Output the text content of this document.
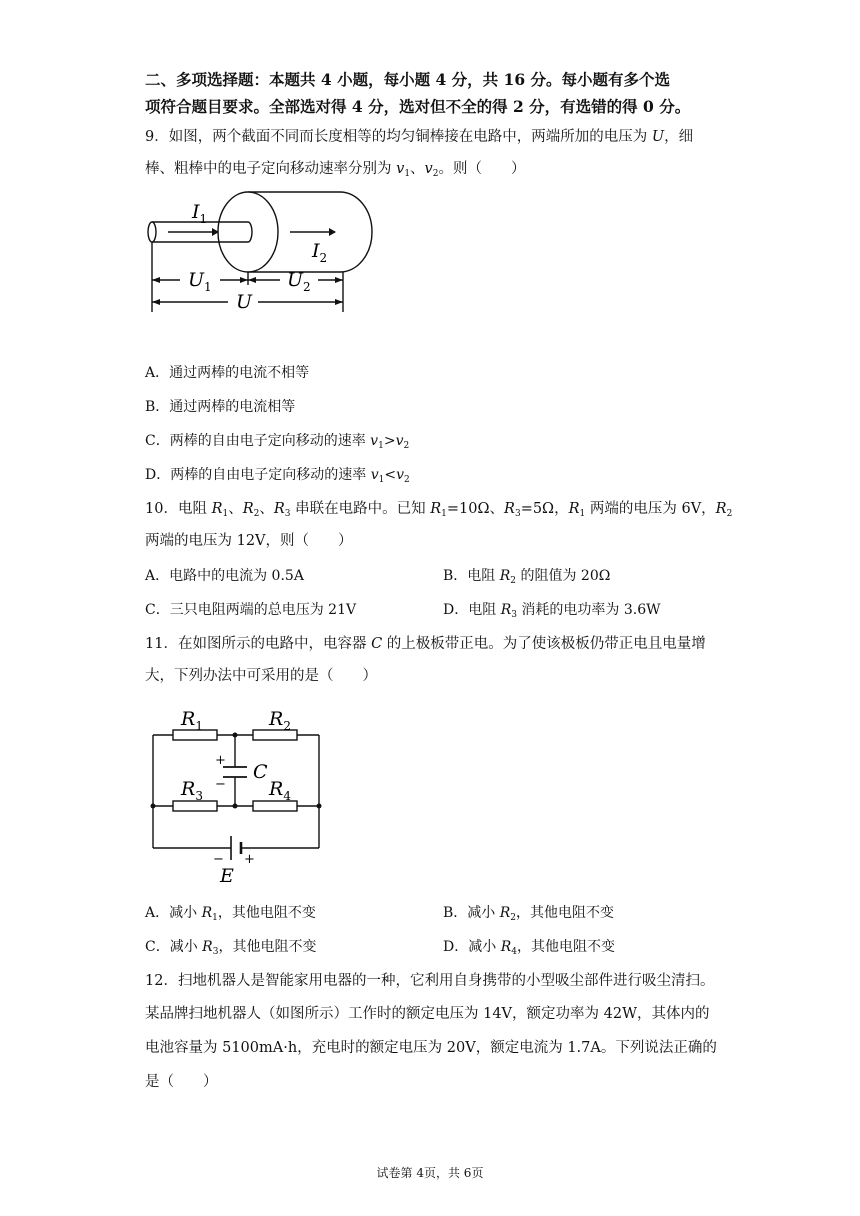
二、多项选择题：本题共 4 小题，每小题 4 分，共 16 分。每小题有多个选
项符合题目要求。全部选对得 4 分，选对但不全的得 2 分，有选错的得 0 分。
9．如图，两个截面不同而长度相等的均匀铜棒接在电路中，两端所加的电压为 U，细
棒、粗棒中的电子定向移动速率分别为 $v_1$、$v_2$。则（　　）
$I_1$
$I_2$
$U_1$	$U_2$
U
A．通过两棒的电流不相等
B．通过两棒的电流相等
C．两棒的自由电子定向移动的速率 $v_1>v_2$
D．两棒的自由电子定向移动的速率 $v_1<v_2$
10．电阻 $R_1$、$R_2$、$R_3$ 串联在电路中。已知 $R_1=10\Omega$、$R_3=5\Omega$，$R_1$ 两端的电压为 6V，$R_2$
两端的电压为 12V，则（　　）
A．电路中的电流为 0.5A	B．电阻 $R_2$ 的阻值为 20Ω
C．三只电阻两端的总电压为 21V	D．电阻 $R_3$ 消耗的电功率为 3.6W
11．在如图所示的电路中，电容器 C 的上极板带正电。为了使该极板仍带正电且电量增
大，下列办法中可采用的是（　　）
$R_1$	$R_2$
$R_3$	$R_4$
C
+
−
− +
E
A．减小 $R_1$，其他电阻不变	B．减小 $R_2$，其他电阻不变
C．减小 $R_3$，其他电阻不变	D．减小 $R_4$，其他电阻不变
12．扫地机器人是智能家用电器的一种，它利用自身携带的小型吸尘部件进行吸尘清扫。
某品牌扫地机器人（如图所示）工作时的额定电压为 14V，额定功率为 42W，其体内的
电池容量为 5100mA·h，充电时的额定电压为 20V，额定电流为 1.7A。下列说法正确的
是（　　）
试卷第 4页，共 6页
